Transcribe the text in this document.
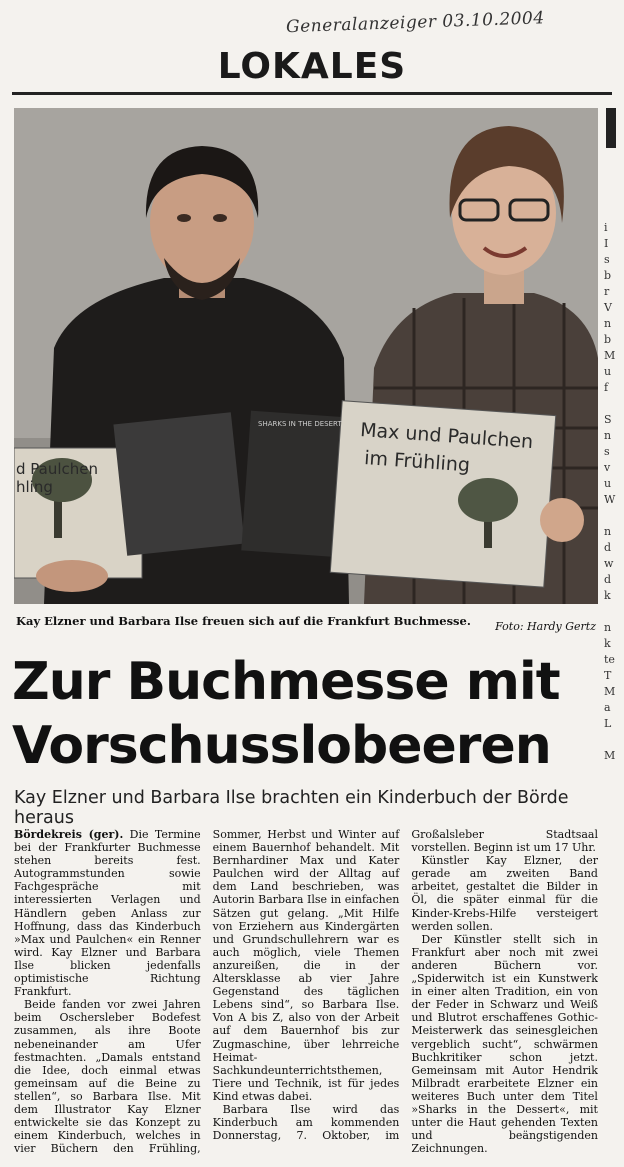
Generalanzeiger 03.10.2004
LOKALES
d Paulchen
hling
SHARKS IN THE DESERT Max und Paulchen
im Frühling
i
I
s
b
r
V
n
b
M
u
f

S
n
s
v
u
W

n
d
w
d
k

n
k
te
T
M
a
L

M
Kay Elzner und Barbara Ilse freuen sich auf die Frankfurt Buchmesse.	Foto: Hardy Gertz
Zur Buchmesse mit
Vorschusslobeeren
Kay Elzner und Barbara Ilse brachten ein Kinderbuch der Börde heraus

Bördekreis (ger). Die Termine bei der Frankfurter Buchmesse stehen bereits fest. Autogrammstunden sowie Fachgespräche mit interessierten Verlagen und Händlern geben Anlass zur Hoffnung, dass das Kinderbuch »Max und Paulchen« ein Renner wird. Kay Elzner und Barbara Ilse blicken jedenfalls optimistische Richtung Frankfurt.

Beide fanden vor zwei Jahren beim Oschersleber Bodefest zusammen, als ihre Boote nebeneinander am Ufer festmachten. „Damals entstand die Idee, doch einmal etwas gemeinsam auf die Beine zu stellen“, so Barbara Ilse. Mit dem Illustrator Kay Elzner entwickelte sie das Konzept zu einem Kinderbuch, welches in vier Büchern den Frühling, Sommer, Herbst und Winter auf einem Bauernhof behandelt. Mit Bernhardiner Max und Kater Paulchen wird der Alltag auf dem Land beschrieben, was Autorin Barbara Ilse in einfachen Sätzen gut gelang. „Mit Hilfe von Erziehern aus Kindergärten und Grundschullehrern war es auch möglich, viele Themen anzureißen, die in der Altersklasse ab vier Jahre Gegenstand des täglichen Lebens sind“, so Barbara Ilse. Von A bis Z, also von der Arbeit auf dem Bauernhof bis zur Zugmaschine, über lehrreiche Heimat-Sachkundeunterrichtsthemen, Tiere und Technik, ist für jedes Kind etwas dabei.

Barbara Ilse wird das Kinderbuch am kommenden Donnerstag, 7. Oktober, im Großalsleber Stadtsaal vorstellen. Beginn ist um 17 Uhr.

Künstler Kay Elzner, der gerade am zweiten Band arbeitet, gestaltet die Bilder in Öl, die später einmal für die Kinder-Krebs-Hilfe versteigert werden sollen.

Der Künstler stellt sich in Frankfurt aber noch mit zwei anderen Büchern vor. „Spiderwitch ist ein Kunstwerk in einer alten Tradition, ein von der Feder in Schwarz und Weiß und Blutrot erschaffenes Gothic-Meisterwerk das seinesgleichen vergeblich sucht“, schwärmen Buchkritiker schon jetzt. Gemeinsam mit Autor Hendrik Milbradt erarbeitete Elzner ein weiteres Buch unter dem Titel »Sharks in the Dessert«, mit unter die Haut gehenden Texten und beängstigenden Zeichnungen.
